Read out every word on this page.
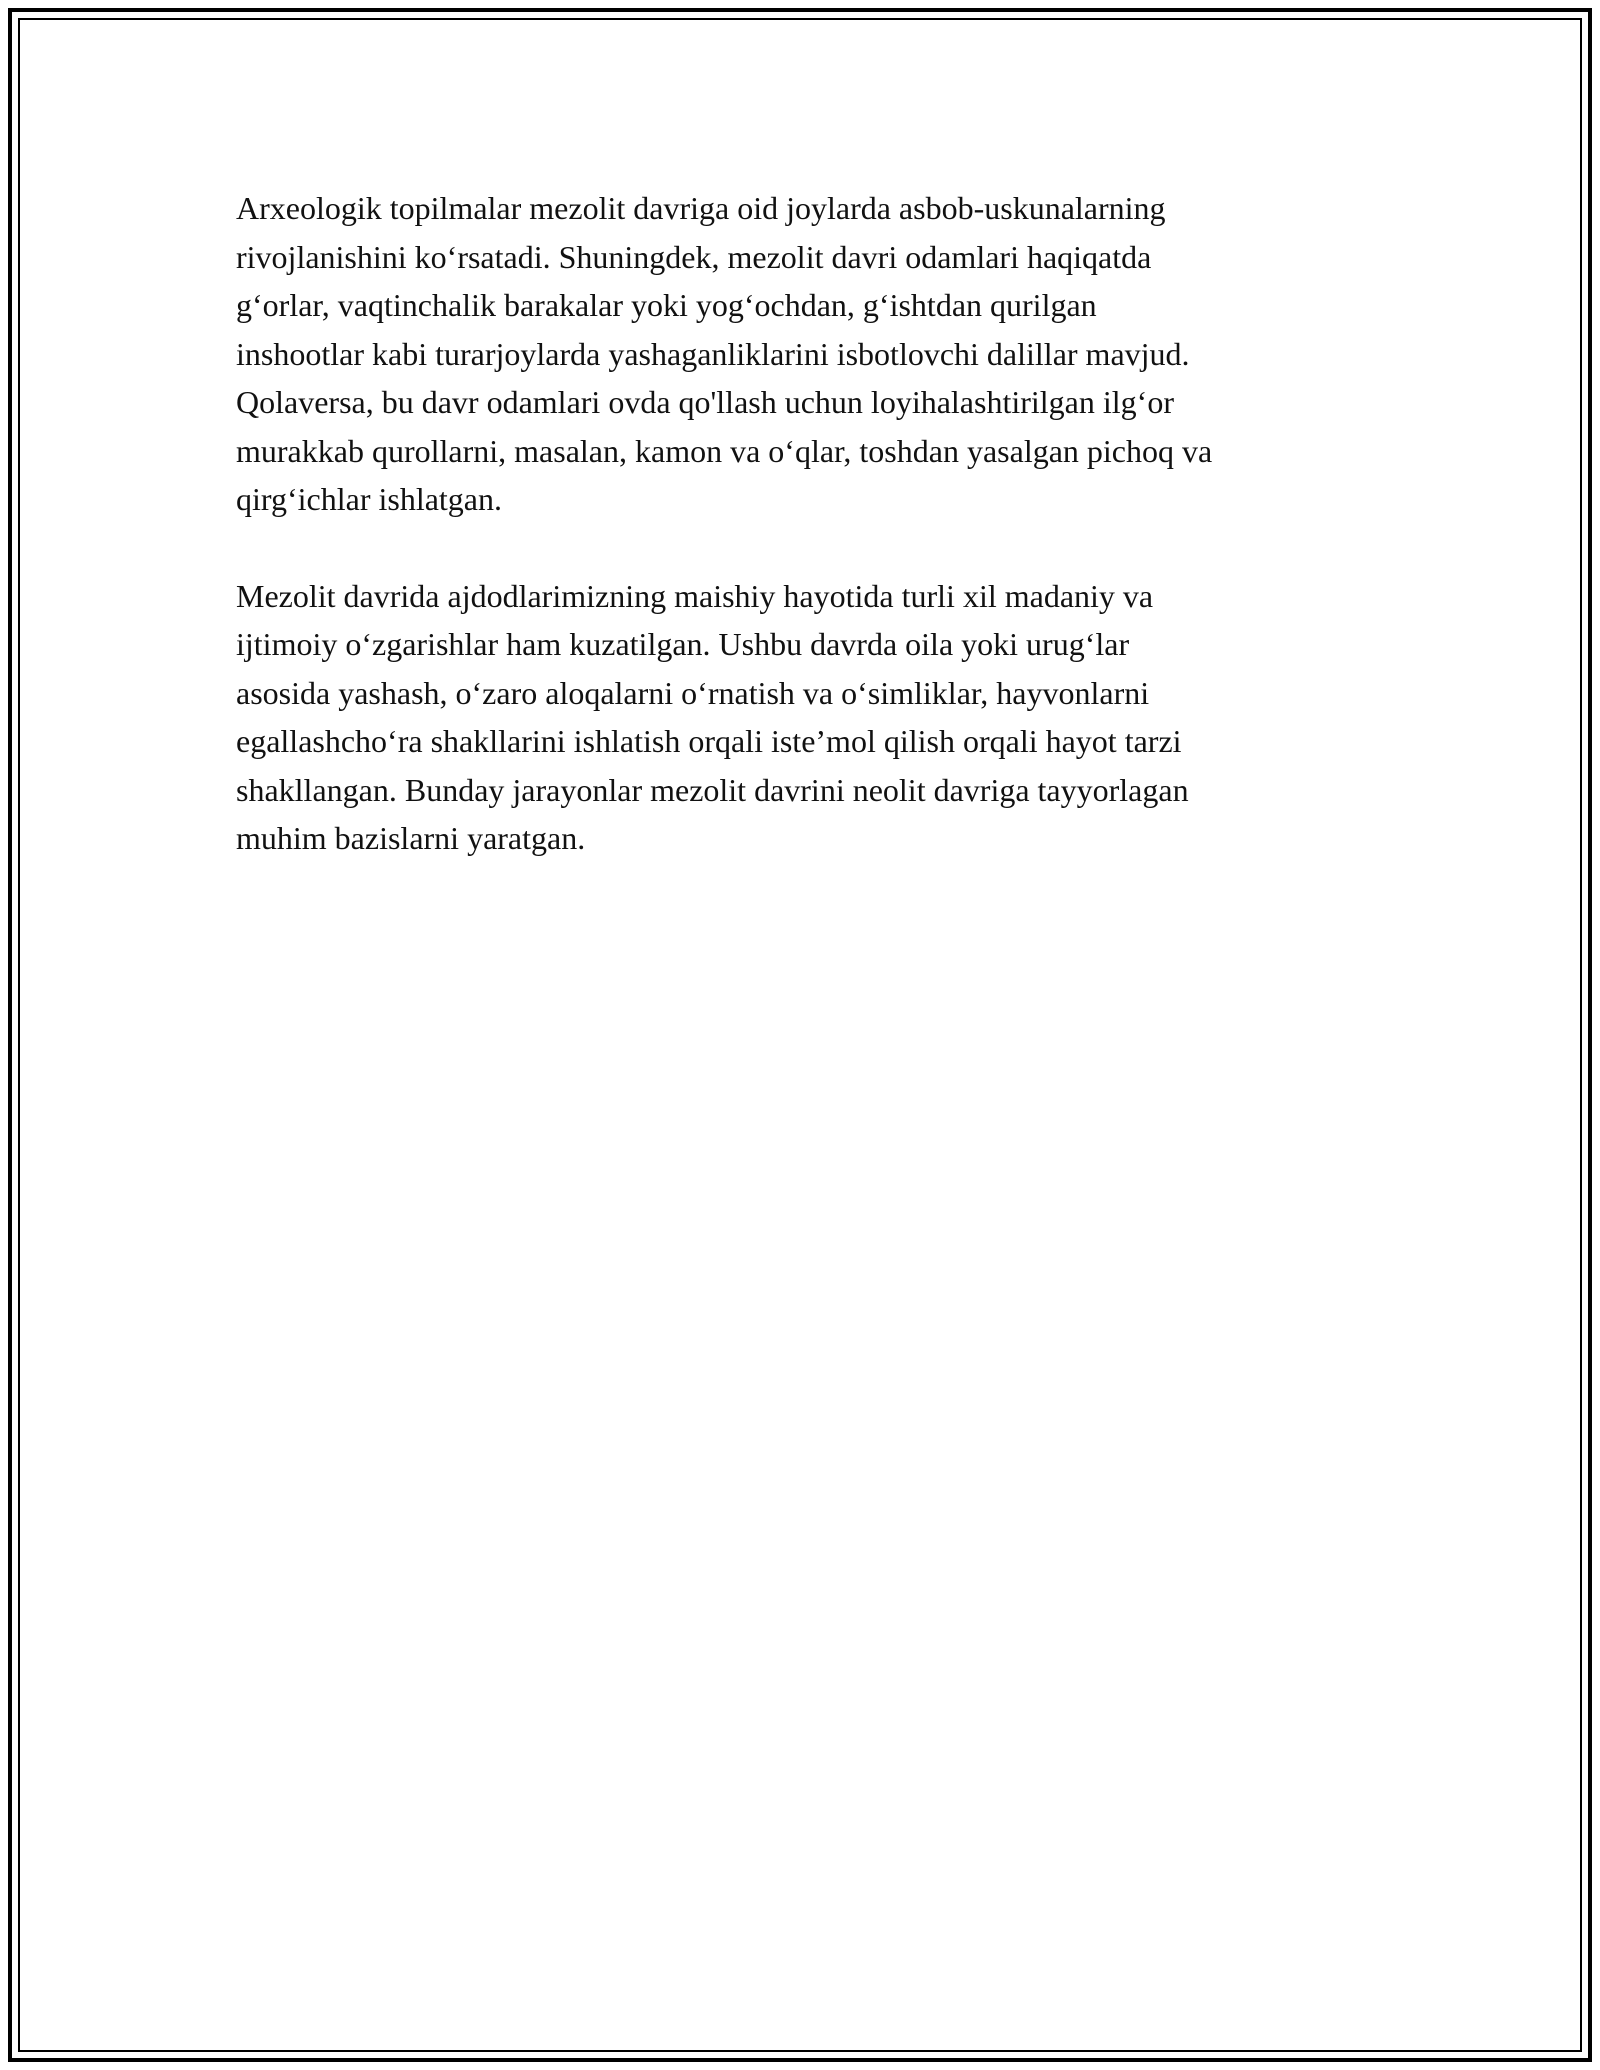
Arxeologik topilmalar mezolit davriga oid joylarda asbob-uskunalarning
rivojlanishini ko‘rsatadi. Shuningdek, mezolit davri odamlari haqiqatda
g‘orlar, vaqtinchalik barakalar yoki yog‘ochdan, g‘ishtdan qurilgan
inshootlar kabi turarjoylarda yashaganliklarini isbotlovchi dalillar mavjud.
Qolaversa, bu davr odamlari ovda qo'llash uchun loyihalashtirilgan ilg‘or
murakkab qurollarni, masalan, kamon va o‘qlar, toshdan yasalgan pichoq va
qirg‘ichlar ishlatgan.

Mezolit davrida ajdodlarimizning maishiy hayotida turli xil madaniy va
ijtimoiy o‘zgarishlar ham kuzatilgan. Ushbu davrda oila yoki urug‘lar
asosida yashash, o‘zaro aloqalarni o‘rnatish va o‘simliklar, hayvonlarni
egallashcho‘ra shakllarini ishlatish orqali iste’mol qilish orqali hayot tarzi
shakllangan. Bunday jarayonlar mezolit davrini neolit davriga tayyorlagan
muhim bazislarni yaratgan.
